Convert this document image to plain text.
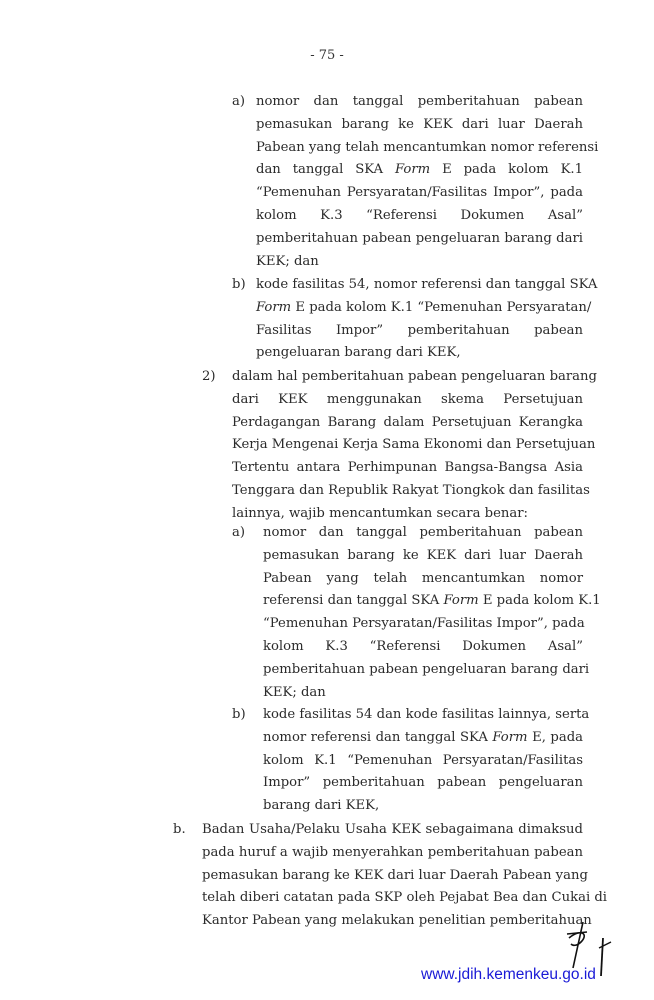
- 75 -
a) nomor dan tanggal pemberitahuan pabean
pemasukan barang ke KEK dari luar Daerah
Pabean yang telah mencantumkan nomor referensi
dan tanggal SKA Form E pada kolom K.1
“Pemenuhan Persyaratan/Fasilitas Impor”, pada
kolom K.3 “Referensi Dokumen Asal”
pemberitahuan pabean pengeluaran barang dari
KEK; dan
b) kode fasilitas 54, nomor referensi dan tanggal SKA
Form E pada kolom K.1 “Pemenuhan Persyaratan/
Fasilitas Impor” pemberitahuan pabean
pengeluaran barang dari KEK,
2) dalam hal pemberitahuan pabean pengeluaran barang
dari KEK menggunakan skema Persetujuan
Perdagangan Barang dalam Persetujuan Kerangka
Kerja Mengenai Kerja Sama Ekonomi dan Persetujuan
Tertentu antara Perhimpunan Bangsa-Bangsa Asia
Tenggara dan Republik Rakyat Tiongkok dan fasilitas
lainnya, wajib mencantumkan secara benar:
a) nomor dan tanggal pemberitahuan pabean
pemasukan barang ke KEK dari luar Daerah
Pabean yang telah mencantumkan nomor
referensi dan tanggal SKA Form E pada kolom K.1
“Pemenuhan Persyaratan/Fasilitas Impor”, pada
kolom K.3 “Referensi Dokumen Asal”
pemberitahuan pabean pengeluaran barang dari
KEK; dan
b) kode fasilitas 54 dan kode fasilitas lainnya, serta
nomor referensi dan tanggal SKA Form E, pada
kolom K.1 “Pemenuhan Persyaratan/Fasilitas
Impor” pemberitahuan pabean pengeluaran
barang dari KEK,
b. Badan Usaha/Pelaku Usaha KEK sebagaimana dimaksud
pada huruf a wajib menyerahkan pemberitahuan pabean
pemasukan barang ke KEK dari luar Daerah Pabean yang
telah diberi catatan pada SKP oleh Pejabat Bea dan Cukai di
Kantor Pabean yang melakukan penelitian pemberitahuan
www.jdih.kemenkeu.go.id
